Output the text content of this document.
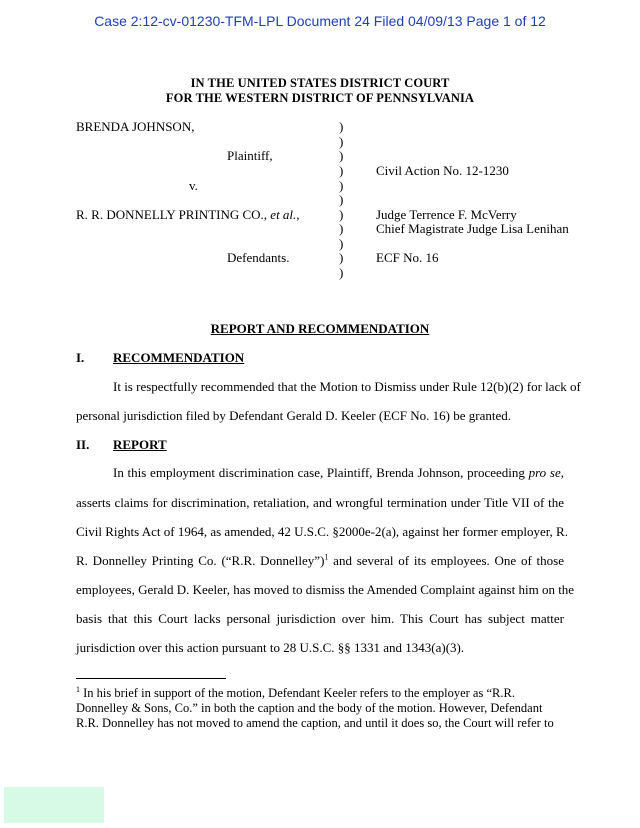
Case 2:12-cv-01230-TFM-LPL Document 24 Filed 04/09/13 Page 1 of 12
IN THE UNITED STATES DISTRICT COURT
FOR THE WESTERN DISTRICT OF PENNSYLVANIA
BRENDA JOHNSON,
Plaintiff,
v.
R. R. DONNELLY PRINTING CO., et al.,
Defendants.
)
)
)
)
)
)
)
)
)
)
)
Civil Action No. 12-1230
Judge Terrence F. McVerry
Chief Magistrate Judge Lisa Lenihan
ECF No. 16
REPORT AND RECOMMENDATION
I. RECOMMENDATION
It is respectfully recommended that the Motion to Dismiss under Rule 12(b)(2) for lack of
personal jurisdiction filed by Defendant Gerald D. Keeler (ECF No. 16) be granted.
II. REPORT
In this employment discrimination case, Plaintiff, Brenda Johnson, proceeding pro se,
asserts claims for discrimination, retaliation, and wrongful termination under Title VII of the
Civil Rights Act of 1964, as amended, 42 U.S.C. §2000e-2(a), against her former employer, R.
R. Donnelley Printing Co. (“R.R. Donnelley”)$^1$ and several of its employees. One of those
employees, Gerald D. Keeler, has moved to dismiss the Amended Complaint against him on the
basis that this Court lacks personal jurisdiction over him. This Court has subject matter
jurisdiction over this action pursuant to 28 U.S.C. §§ 1331 and 1343(a)(3).
$^1$ In his brief in support of the motion, Defendant Keeler refers to the employer as “R.R.
Donnelley & Sons, Co.” in both the caption and the body of the motion. However, Defendant
R.R. Donnelley has not moved to amend the caption, and until it does so, the Court will refer to
